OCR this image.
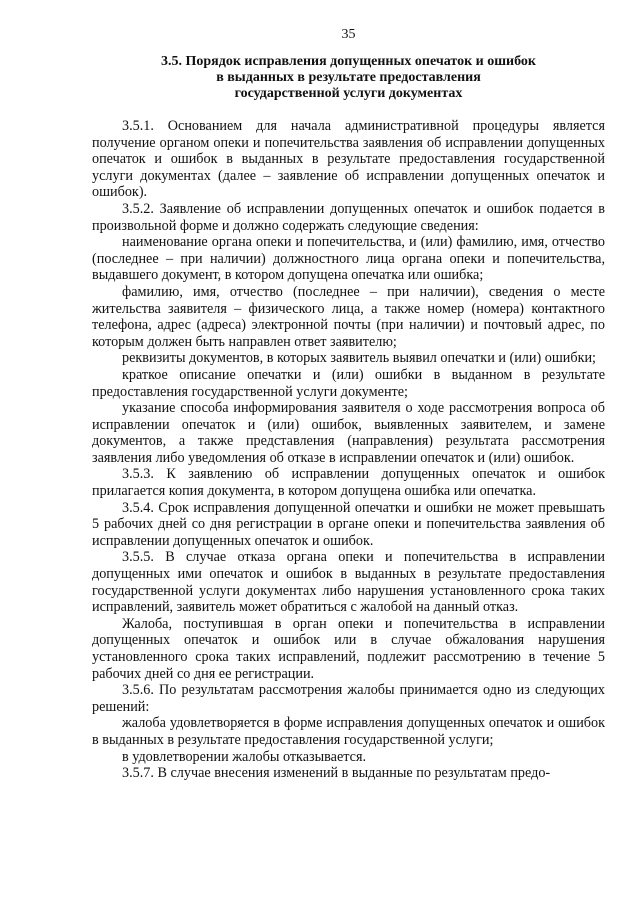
35
3.5. Порядок исправления допущенных опечаток и ошибок
в выданных в результате предоставления
государственной услуги документах

3.5.1. Основанием для начала административной процедуры является получение органом опеки и попечительства заявления об исправлении допущенных опечаток и ошибок в выданных в результате предоставления государственной услуги документах (далее – заявление об исправлении допущенных опечаток и ошибок).

3.5.2. Заявление об исправлении допущенных опечаток и ошибок подается в произвольной форме и должно содержать следующие сведения:

наименование органа опеки и попечительства, и (или) фамилию, имя, отчество (последнее – при наличии) должностного лица органа опеки и попечительства, выдавшего документ, в котором допущена опечатка или ошибка;

фамилию, имя, отчество (последнее – при наличии), сведения о месте жительства заявителя – физического лица, а также номер (номера) контактного телефона, адрес (адреса) электронной почты (при наличии) и почтовый адрес, по которым должен быть направлен ответ заявителю;

реквизиты документов, в которых заявитель выявил опечатки и (или) ошибки;

краткое описание опечатки и (или) ошибки в выданном в результате предоставления государственной услуги документе;

указание способа информирования заявителя о ходе рассмотрения вопроса об исправлении опечаток и (или) ошибок, выявленных заявителем, и замене документов, а также представления (направления) результата рассмотрения заявления либо уведомления об отказе в исправлении опечаток и (или) ошибок.

3.5.3. К заявлению об исправлении допущенных опечаток и ошибок прилагается копия документа, в котором допущена ошибка или опечатка.

3.5.4. Срок исправления допущенной опечатки и ошибки не может превышать 5 рабочих дней со дня регистрации в органе опеки и попечительства заявления об исправлении допущенных опечаток и ошибок.

3.5.5. В случае отказа органа опеки и попечительства в исправлении допущенных ими опечаток и ошибок в выданных в результате предоставления государственной услуги документах либо нарушения установленного срока таких исправлений, заявитель может обратиться с жалобой на данный отказ.

Жалоба, поступившая в орган опеки и попечительства в исправлении допущенных опечаток и ошибок или в случае обжалования нарушения установленного срока таких исправлений, подлежит рассмотрению в течение 5 рабочих дней со дня ее регистрации.

3.5.6. По результатам рассмотрения жалобы принимается одно из следующих решений:

жалоба удовлетворяется в форме исправления допущенных опечаток и ошибок в выданных в результате предоставления государственной услуги;

в удовлетворении жалобы отказывается.

3.5.7. В случае внесения изменений в выданные по результатам предо-
